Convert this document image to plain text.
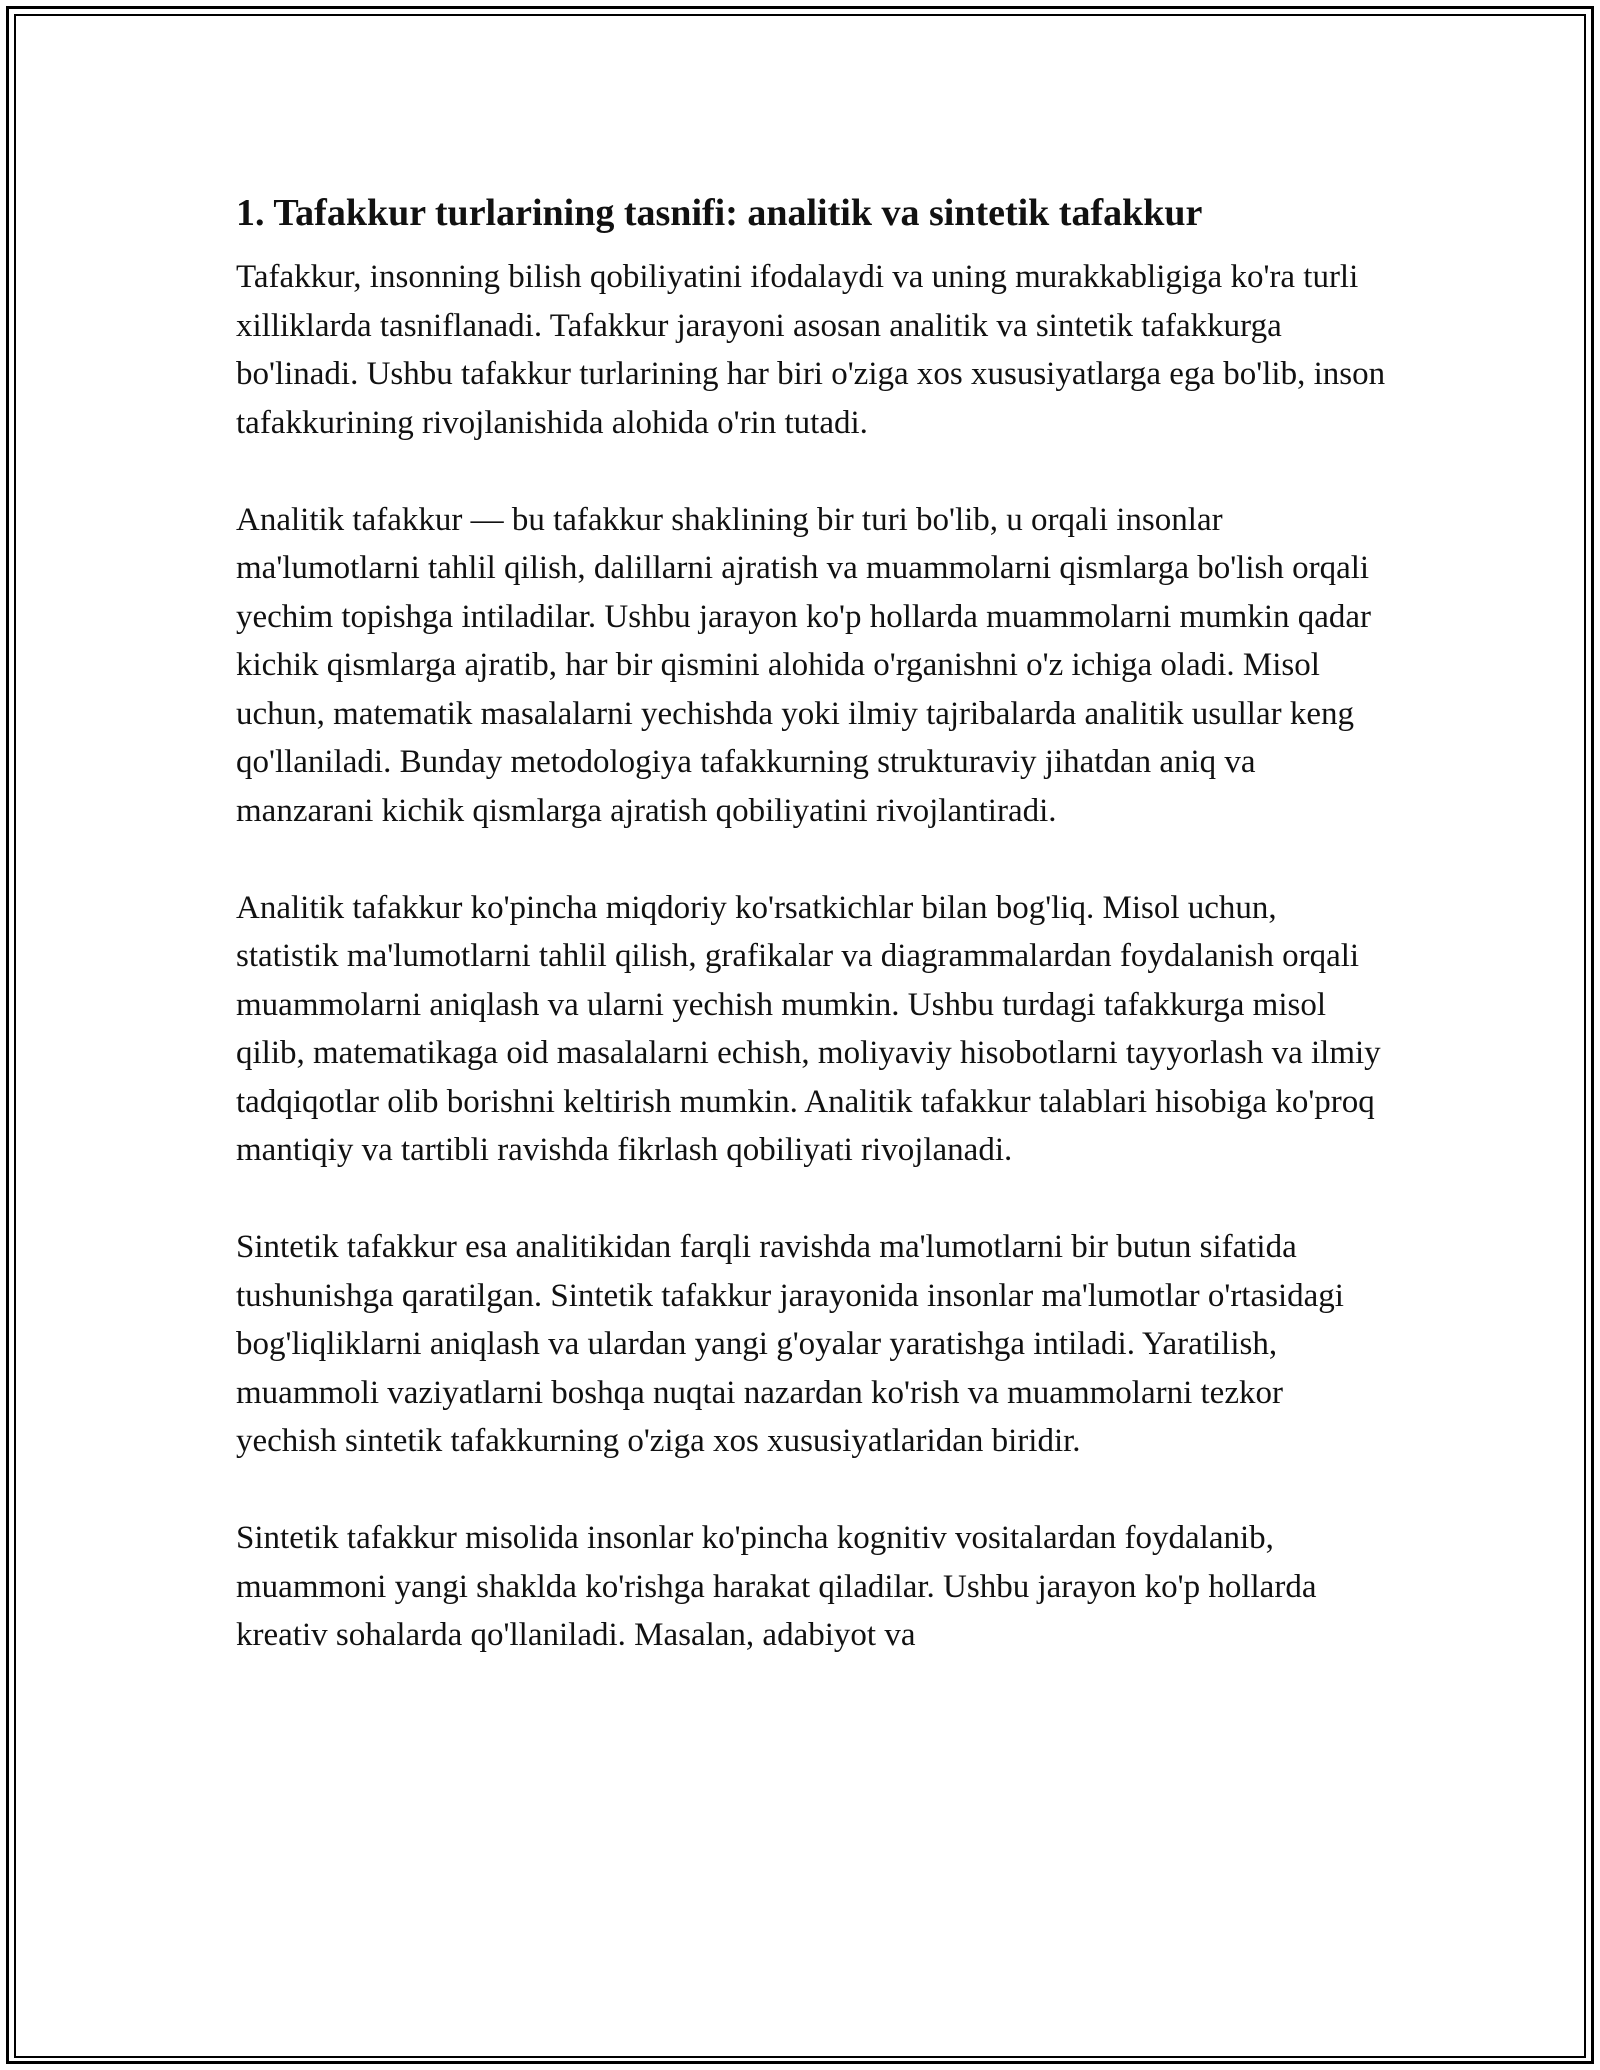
1. Tafakkur turlarining tasnifi: analitik va sintetik tafakkur

Tafakkur, insonning bilish qobiliyatini ifodalaydi va uning murakkabligiga ko'ra turli xilliklarda tasniflanadi. Tafakkur jarayoni asosan analitik va sintetik tafakkurga bo'linadi. Ushbu tafakkur turlarining har biri o'ziga xos xususiyatlarga ega bo'lib, inson tafakkurining rivojlanishida alohida o'rin tutadi.

Analitik tafakkur — bu tafakkur shaklining bir turi bo'lib, u orqali insonlar ma'lumotlarni tahlil qilish, dalillarni ajratish va muammolarni qismlarga bo'lish orqali yechim topishga intiladilar. Ushbu jarayon ko'p hollarda muammolarni mumkin qadar kichik qismlarga ajratib, har bir qismini alohida o'rganishni o'z ichiga oladi. Misol uchun, matematik masalalarni yechishda yoki ilmiy tajribalarda analitik usullar keng qo'llaniladi. Bunday metodologiya tafakkurning strukturaviy jihatdan aniq va manzarani kichik qismlarga ajratish qobiliyatini rivojlantiradi.

Analitik tafakkur ko'pincha miqdoriy ko'rsatkichlar bilan bog'liq. Misol uchun, statistik ma'lumotlarni tahlil qilish, grafikalar va diagrammalardan foydalanish orqali muammolarni aniqlash va ularni yechish mumkin. Ushbu turdagi tafakkurga misol qilib, matematikaga oid masalalarni echish, moliyaviy hisobotlarni tayyorlash va ilmiy tadqiqotlar olib borishni keltirish mumkin. Analitik tafakkur talablari hisobiga ko'proq mantiqiy va tartibli ravishda fikrlash qobiliyati rivojlanadi.

Sintetik tafakkur esa analitikidan farqli ravishda ma'lumotlarni bir butun sifatida tushunishga qaratilgan. Sintetik tafakkur jarayonida insonlar ma'lumotlar o'rtasidagi bog'liqliklarni aniqlash va ulardan yangi g'oyalar yaratishga intiladi. Yaratilish, muammoli vaziyatlarni boshqa nuqtai nazardan ko'rish va muammolarni tezkor yechish sintetik tafakkurning o'ziga xos xususiyatlaridan biridir.

Sintetik tafakkur misolida insonlar ko'pincha kognitiv vositalardan foydalanib, muammoni yangi shaklda ko'rishga harakat qiladilar. Ushbu jarayon ko'p hollarda kreativ sohalarda qo'llaniladi. Masalan, adabiyot va
